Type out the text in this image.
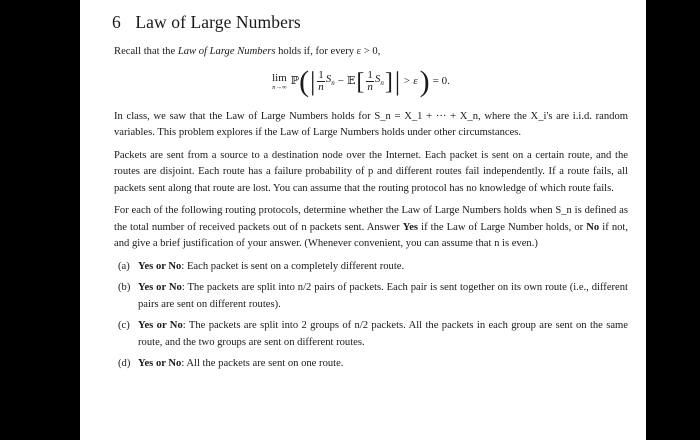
6 Law of Large Numbers

Recall that the Law of Large Numbers holds if, for every ε > 0,

lim
n→∞ ℙ ( | $\frac{1}{n} S_n$ − 𝔼 [ $\frac{1}{n} S_n$ ] | > ε ) = 0.

In class, we saw that the Law of Large Numbers holds for S_n = X_1 + ··· + X_n, where the X_i's are i.i.d. random variables. This problem explores if the Law of Large Numbers holds under other circumstances.

Packets are sent from a source to a destination node over the Internet. Each packet is sent on a certain route, and the routes are disjoint. Each route has a failure probability of p and different routes fail independently. If a route fails, all packets sent along that route are lost. You can assume that the routing protocol has no knowledge of which route fails.

For each of the following routing protocols, determine whether the Law of Large Numbers holds when S_n is defined as the total number of received packets out of n packets sent. Answer Yes if the Law of Large Number holds, or No if not, and give a brief justification of your answer. (Whenever convenient, you can assume that n is even.)

(a) Yes or No: Each packet is sent on a completely different route.
(b) Yes or No: The packets are split into n/2 pairs of packets. Each pair is sent together on its own route (i.e., different pairs are sent on different routes).
(c) Yes or No: The packets are split into 2 groups of n/2 packets. All the packets in each group are sent on the same route, and the two groups are sent on different routes.
(d) Yes or No: All the packets are sent on one route.
